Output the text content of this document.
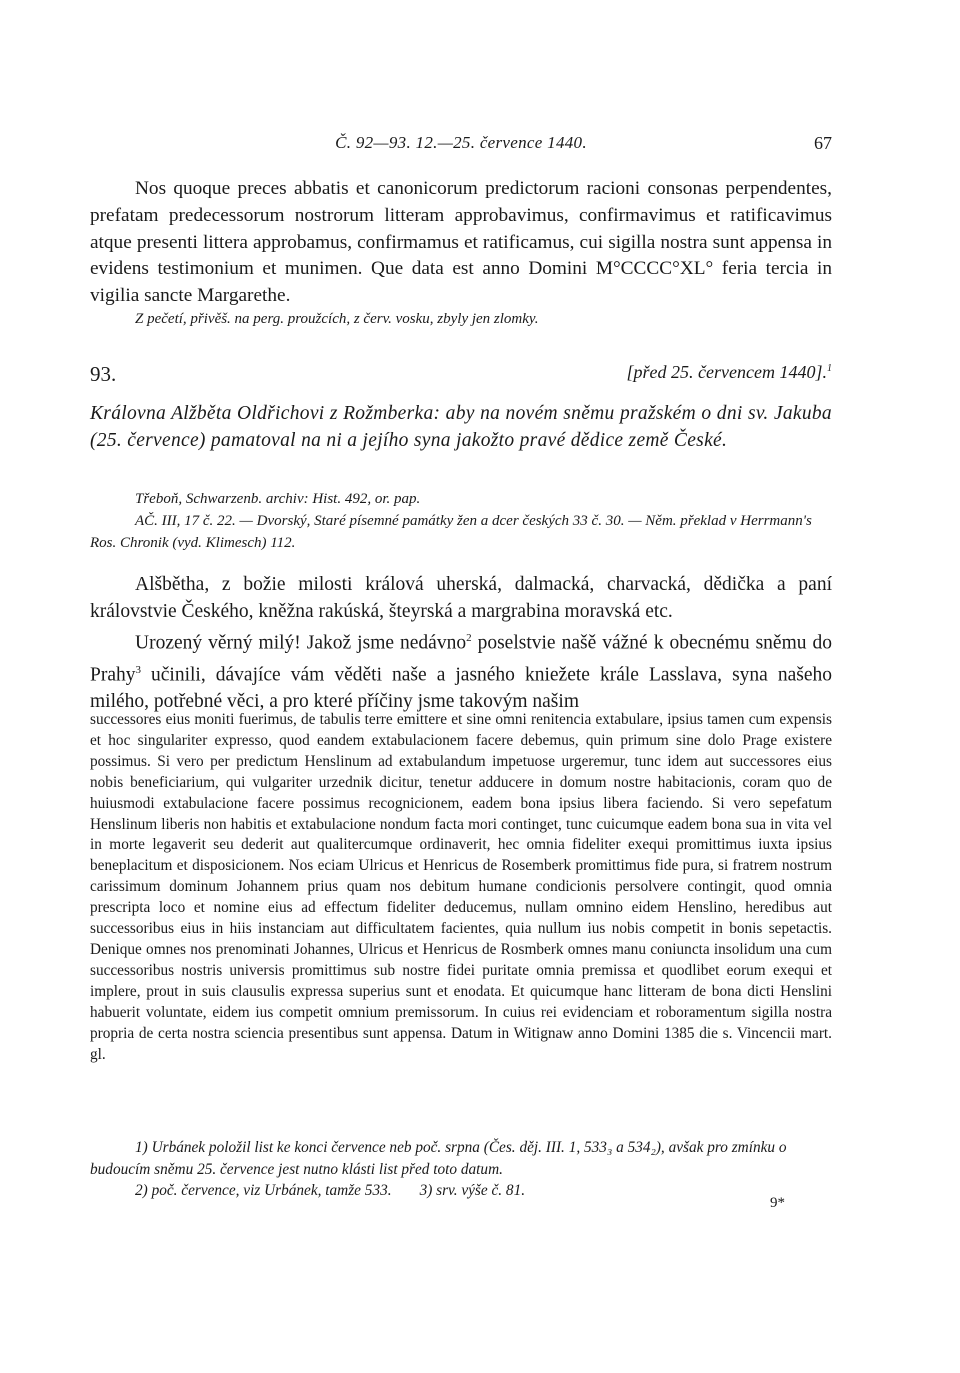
Č. 92—93. 12.—25. července 1440.	67

Nos quoque preces abbatis et canonicorum predictorum racioni consonas perpendentes, prefatam predecessorum nostrorum litteram approbavimus, confirmavimus et ratificavimus atque presenti littera approbamus, confirmamus et ratificamus, cui sigilla nostra sunt appensa in evidens testimonium et munimen. Que data est anno Domini M°CCCC°XL° feria tercia in vigilia sancte Margarethe.

Z pečetí, přivěš. na perg. proužcích, z červ. vosku, zbyly jen zlomky.

93.	[před 25. červencem 1440].$^1$

Královna Alžběta Oldřichovi z Rožmberka: aby na novém sněmu pražském o dni sv. Jakuba (25. července) pamatoval na ni a jejího syna jakožto pravé dědice země České.

Třeboň, Schwarzenb. archiv: Hist. 492, or. pap.

AČ. III, 17 č. 22. — Dvorský, Staré písemné památky žen a dcer českých 33 č. 30. — Něm. překlad v Herrmann's Ros. Chronik (vyd. Klimesch) 112.

Alšbětha, z božie milosti králová uherská, dalmacká, charvacká, dědička a paní královstvie Českého, kněžna rakúská, šteyrská a margrabina moravská etc.

Urozený věrný milý! Jakož jsme nedávno$^2$ poselstvie našě vážné k obecnému sněmu do Prahy$^3$ učinili, dávajíce vám věděti naše a jasného kniežete krále Lasslava, syna našeho milého, potřebné věci, a pro které příčiny jsme takovým našim

successores eius moniti fuerimus, de tabulis terre emittere et sine omni renitencia extabulare, ipsius tamen cum expensis et hoc singulariter expresso, quod eandem extabulacionem facere debemus, quin primum sine dolo Prage existere possimus. Si vero per predictum Henslinum ad extabulandum impetuose urgeremur, tunc idem aut successores eius nobis beneficiarium, qui vulgariter urzednik dicitur, tenetur adducere in domum nostre habitacionis, coram quo de huiusmodi extabulacione facere possimus recognicionem, eadem bona ipsius libera faciendo. Si vero sepefatum Henslinum liberis non habitis et extabulacione nondum facta mori continget, tunc cuicumque eadem bona sua in vita vel in morte legaverit seu dederit aut qualitercumque ordinaverit, hec omnia fideliter exequi promittimus iuxta ipsius beneplacitum et disposicionem. Nos eciam Ulricus et Henricus de Rosemberk promittimus fide pura, si fratrem nostrum carissimum dominum Johannem prius quam nos debitum humane condicionis persolvere contingit, quod omnia prescripta loco et nomine eius ad effectum fideliter deducemus, nullam omnino eidem Henslino, heredibus aut successoribus eius in hiis instanciam aut difficultatem facientes, quia nullum ius nobis competit in bonis sepetactis. Denique omnes nos prenominati Johannes, Ulricus et Henricus de Rosmberk omnes manu coniuncta insolidum una cum successoribus nostris universis promittimus sub nostre fidei puritate omnia premissa et quodlibet eorum exequi et implere, prout in suis clausulis expressa superius sunt et enodata. Et quicumque hanc litteram de bona dicti Henslini habuerit voluntate, eidem ius competit omnium premissorum. In cuius rei evidenciam et roboramentum sigilla nostra propria de certa nostra sciencia presentibus sunt appensa. Datum in Witignaw anno Domini 1385 die s. Vincencii mart. gl.

1) Urbánek položil list ke konci července neb poč. srpna (Čes. děj. III. 1, 533₃ a 534₂), avšak pro zmínku o budoucím sněmu 25. července jest nutno klásti list před toto datum.

2) poč. července, viz Urbánek, tamže 533. 3) srv. výše č. 81.

9*
